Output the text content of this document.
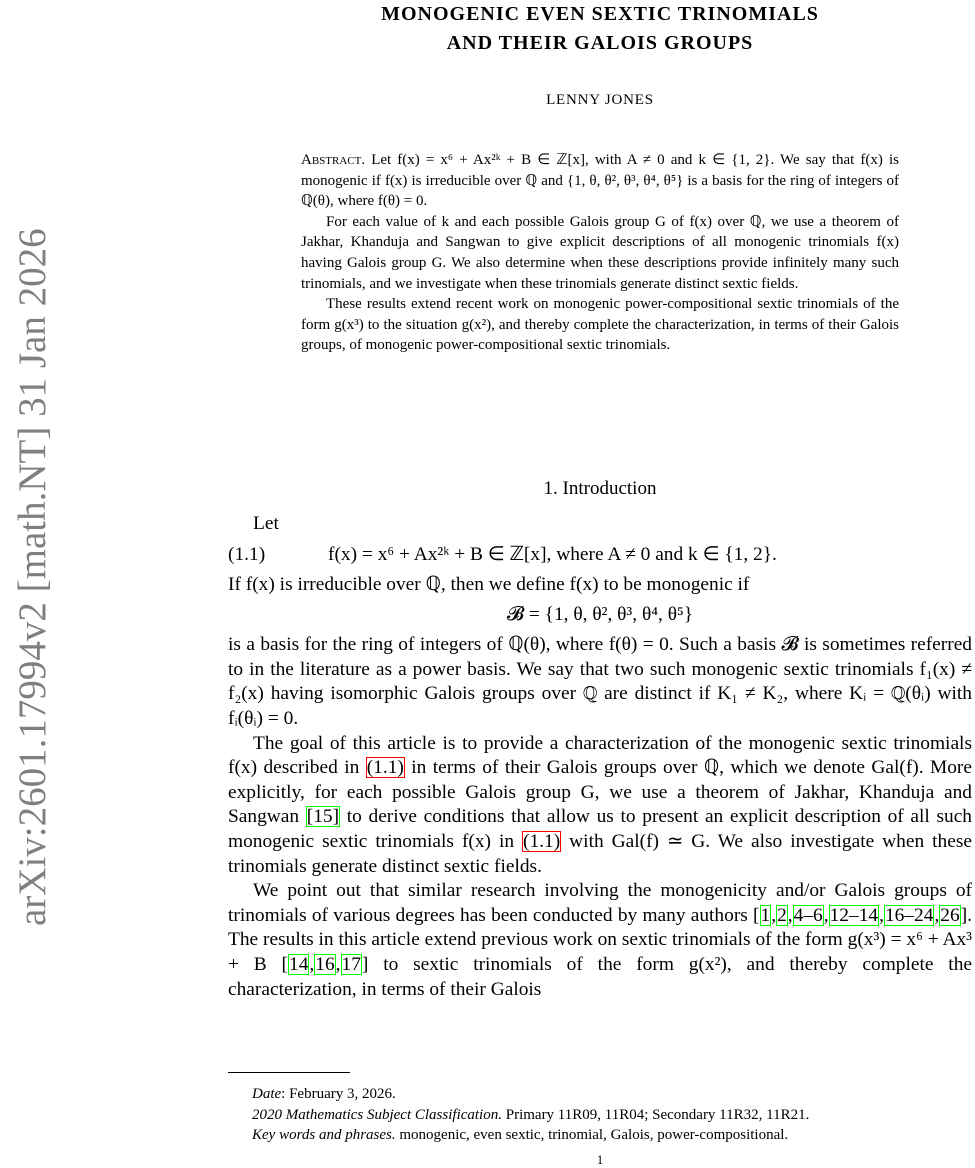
arXiv:2601.17994v2 [math.NT] 31 Jan 2026
MONOGENIC EVEN SEXTIC TRINOMIALS
AND THEIR GALOIS GROUPS
LENNY JONES

Abstract. Let f(x) = x⁶ + Ax²ᵏ + B ∈ ℤ[x], with A ≠ 0 and k ∈ {1, 2}. We say that f(x) is monogenic if f(x) is irreducible over ℚ and {1, θ, θ², θ³, θ⁴, θ⁵} is a basis for the ring of integers of ℚ(θ), where f(θ) = 0.

For each value of k and each possible Galois group G of f(x) over ℚ, we use a theorem of Jakhar, Khanduja and Sangwan to give explicit descriptions of all monogenic trinomials f(x) having Galois group G. We also determine when these descriptions provide infinitely many such trinomials, and we investigate when these trinomials generate distinct sextic fields.

These results extend recent work on monogenic power-compositional sextic trinomials of the form g(x³) to the situation g(x²), and thereby complete the characterization, in terms of their Galois groups, of monogenic power-compositional sextic trinomials.

1. Introduction

Let

(1.1)	f(x) = x⁶ + Ax²ᵏ + B ∈ ℤ[x], where A ≠ 0 and k ∈ {1, 2}.

If f(x) is irreducible over ℚ, then we define f(x) to be monogenic if

𝓑 = {1, θ, θ², θ³, θ⁴, θ⁵}

is a basis for the ring of integers of ℚ(θ), where f(θ) = 0. Such a basis 𝓑 is sometimes referred to in the literature as a power basis. We say that two such monogenic sextic trinomials f₁(x) ≠ f₂(x) having isomorphic Galois groups over ℚ are distinct if K₁ ≠ K₂, where Kᵢ = ℚ(θᵢ) with fᵢ(θᵢ) = 0.

The goal of this article is to provide a characterization of the monogenic sextic trinomials f(x) described in (1.1) in terms of their Galois groups over ℚ, which we denote Gal(f). More explicitly, for each possible Galois group G, we use a theorem of Jakhar, Khanduja and Sangwan [15] to derive conditions that allow us to present an explicit description of all such monogenic sextic trinomials f(x) in (1.1) with Gal(f) ≃ G. We also investigate when these trinomials generate distinct sextic fields.

We point out that similar research involving the monogenicity and/or Galois groups of trinomials of various degrees has been conducted by many authors [1,2,4–6,12–14,16–24,26]. The results in this article extend previous work on sextic trinomials of the form g(x³) = x⁶ + Ax³ + B [14,16,17] to sextic trinomials of the form g(x²), and thereby complete the characterization, in terms of their Galois

Date: February 3, 2026.
2020 Mathematics Subject Classification. Primary 11R09, 11R04; Secondary 11R32, 11R21.
Key words and phrases. monogenic, even sextic, trinomial, Galois, power-compositional.
1
